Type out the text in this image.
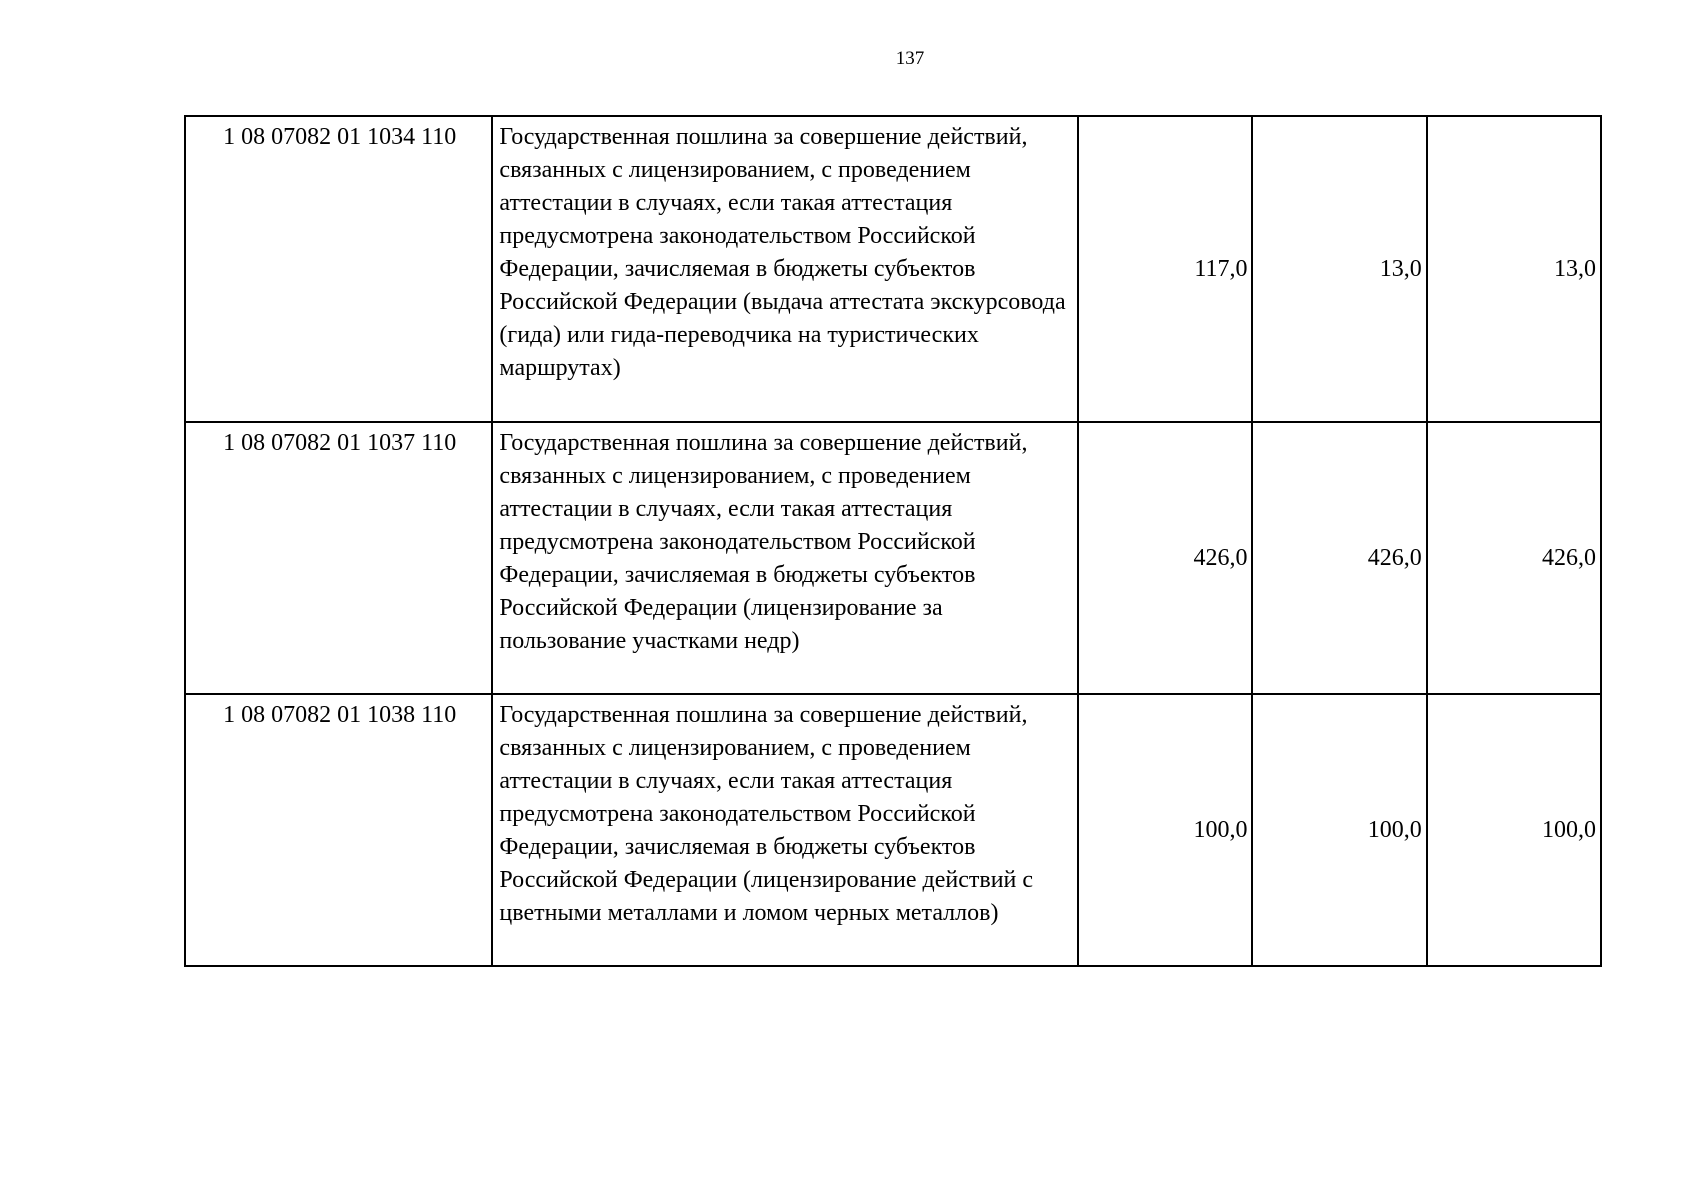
137
1 08 07082 01 1034 110	Государственная пошлина за совершение действий, связанных с лицензированием, с проведением аттестации в случаях, если такая аттестация предусмотрена законодательством Российской Федерации, зачисляемая в бюджеты субъектов Российской Федерации (выдача аттестата экскурсовода (гида) или гида-переводчика на туристических маршрутах)	117,0	13,0	13,0
1 08 07082 01 1037 110	Государственная пошлина за совершение действий, связанных с лицензированием, с проведением аттестации в случаях, если такая аттестация предусмотрена законодательством Российской Федерации, зачисляемая в бюджеты субъектов Российской Федерации (лицензирование за пользование участками недр)	426,0	426,0	426,0
1 08 07082 01 1038 110	Государственная пошлина за совершение действий, связанных с лицензированием, с проведением аттестации в случаях, если такая аттестация предусмотрена законодательством Российской Федерации, зачисляемая в бюджеты субъектов Российской Федерации (лицензирование действий с цветными металлами и ломом черных металлов)	100,0	100,0	100,0
